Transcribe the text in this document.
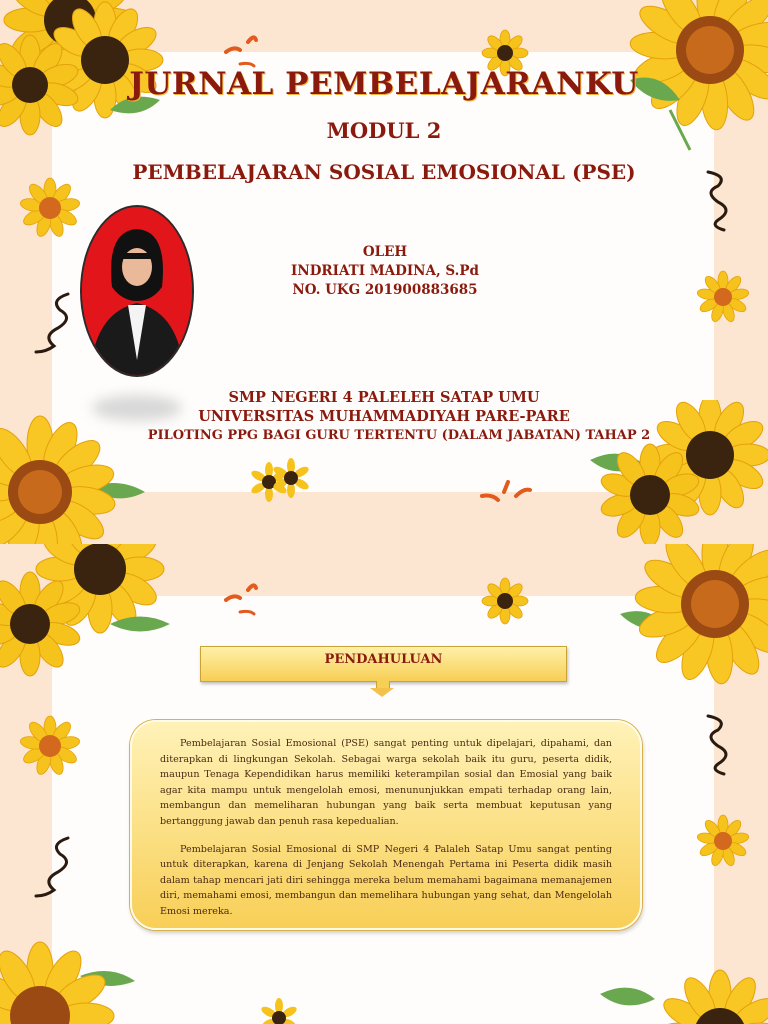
JURNAL PEMBELAJARANKU
MODUL 2
PEMBELAJARAN SOSIAL EMOSIONAL (PSE)
OLEH
INDRIATI MADINA, S.Pd
NO. UKG 201900883685
SMP NEGERI 4 PALELEH SATAP UMU
UNIVERSITAS MUHAMMADIYAH PARE-PARE
PILOTING PPG BAGI GURU TERTENTU (DALAM JABATAN) TAHAP 2
PENDAHULUAN

Pembelajaran Sosial Emosional (PSE) sangat penting untuk dipelajari, dipahami, dan diterapkan di lingkungan Sekolah. Sebagai warga sekolah baik itu guru, peserta didik, maupun Tenaga Kependidikan harus memiliki keterampilan sosial dan Emosial yang baik agar kita mampu untuk mengelolah emosi, menununjukkan empati terhadap orang lain, membangun dan memeliharan hubungan yang baik serta membuat keputusan yang bertanggung jawab dan penuh rasa kepedualian.

Pembelajaran Sosial Emosional di SMP Negeri 4 Palaleh Satap Umu sangat penting untuk diterapkan, karena di Jenjang Sekolah Menengah Pertama ini Peserta didik masih dalam tahap mencari jati diri sehingga mereka belum memahami bagaimana memanajemen diri, memahami emosi, membangun dan memelihara hubungan yang sehat, dan Mengelolah Emosi mereka.
